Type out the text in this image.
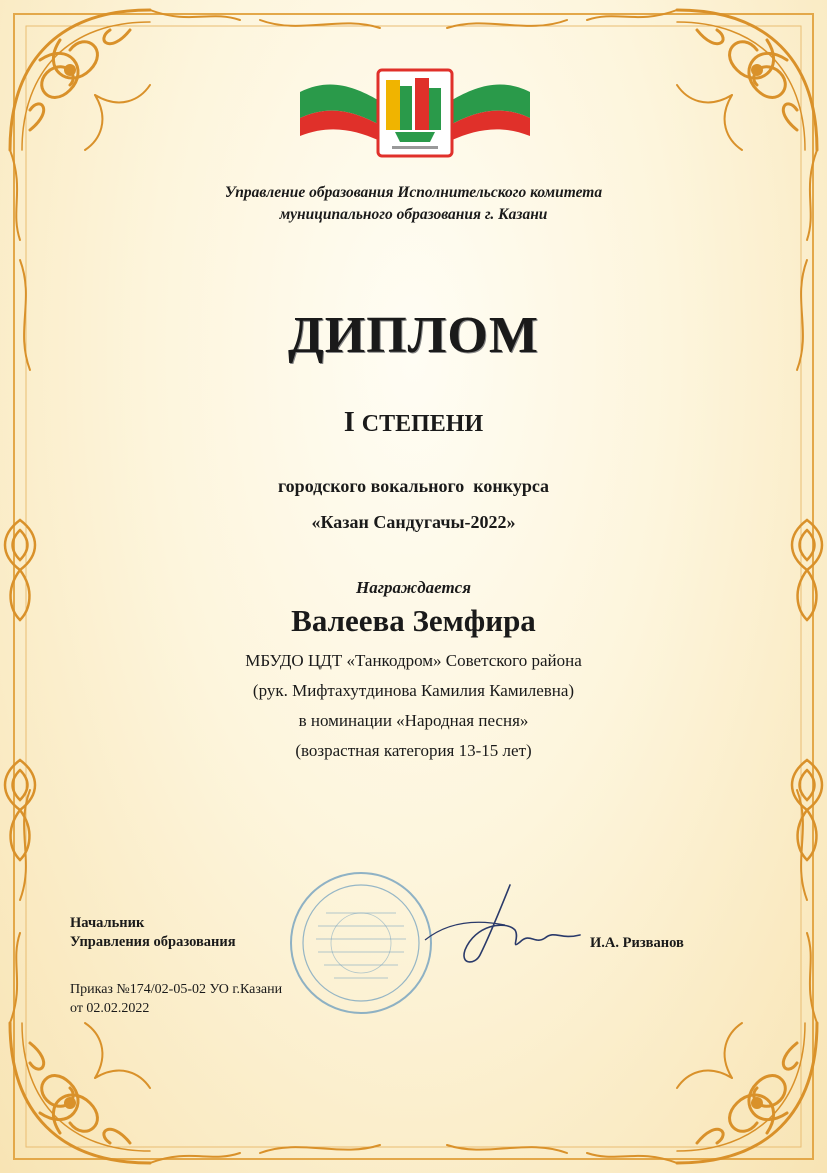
Управление образования Исполнительского комитета
муниципального образования г. Казани
ДИПЛОМ
I СТЕПЕНИ
городского вокального  конкурса
«Казан Сандугачы-2022»
Награждается
Валеева Земфира
МБУДО ЦДТ «Танкодром» Советского района
(рук. Мифтахутдинова Камилия Камилевна)
в номинации «Народная песня»
(возрастная категория 13-15 лет)
Начальник
Управления образования	И.А. Ризванов
Приказ №174/02-05-02 УО г.Казани
от 02.02.2022
